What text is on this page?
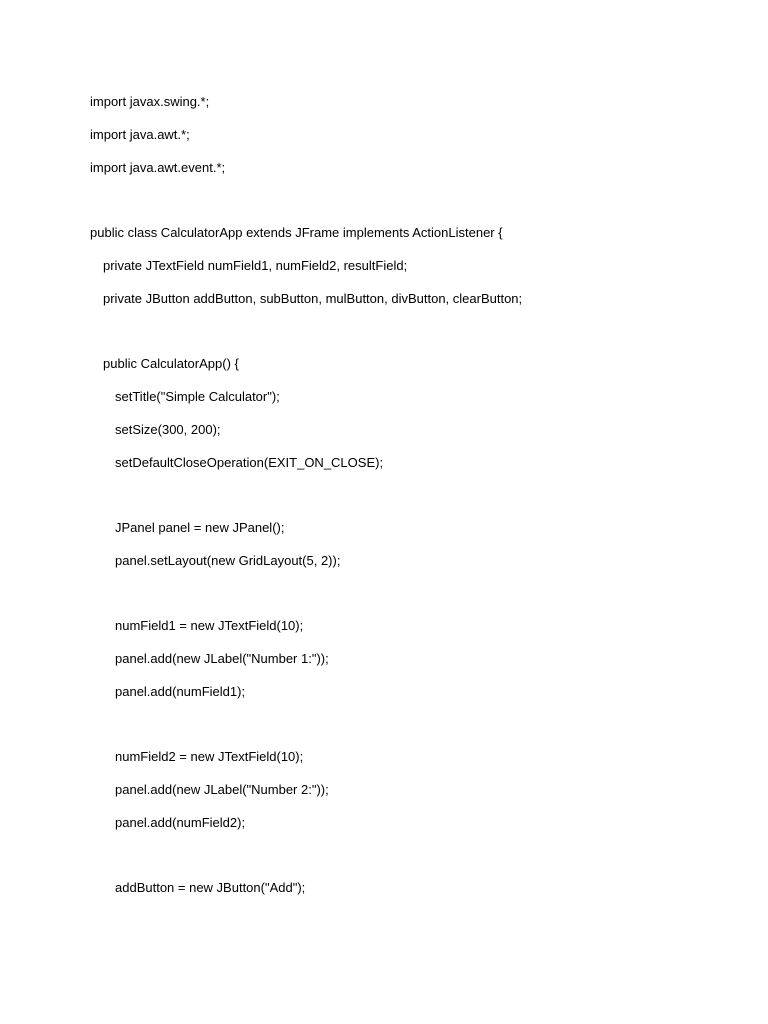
import javax.swing.*;
import java.awt.*;
import java.awt.event.*;
public class CalculatorApp extends JFrame implements ActionListener {
private JTextField numField1, numField2, resultField;
private JButton addButton, subButton, mulButton, divButton, clearButton;
public CalculatorApp() {
setTitle("Simple Calculator");
setSize(300, 200);
setDefaultCloseOperation(EXIT_ON_CLOSE);
JPanel panel = new JPanel();
panel.setLayout(new GridLayout(5, 2));
numField1 = new JTextField(10);
panel.add(new JLabel("Number 1:"));
panel.add(numField1);
numField2 = new JTextField(10);
panel.add(new JLabel("Number 2:"));
panel.add(numField2);
addButton = new JButton("Add");
